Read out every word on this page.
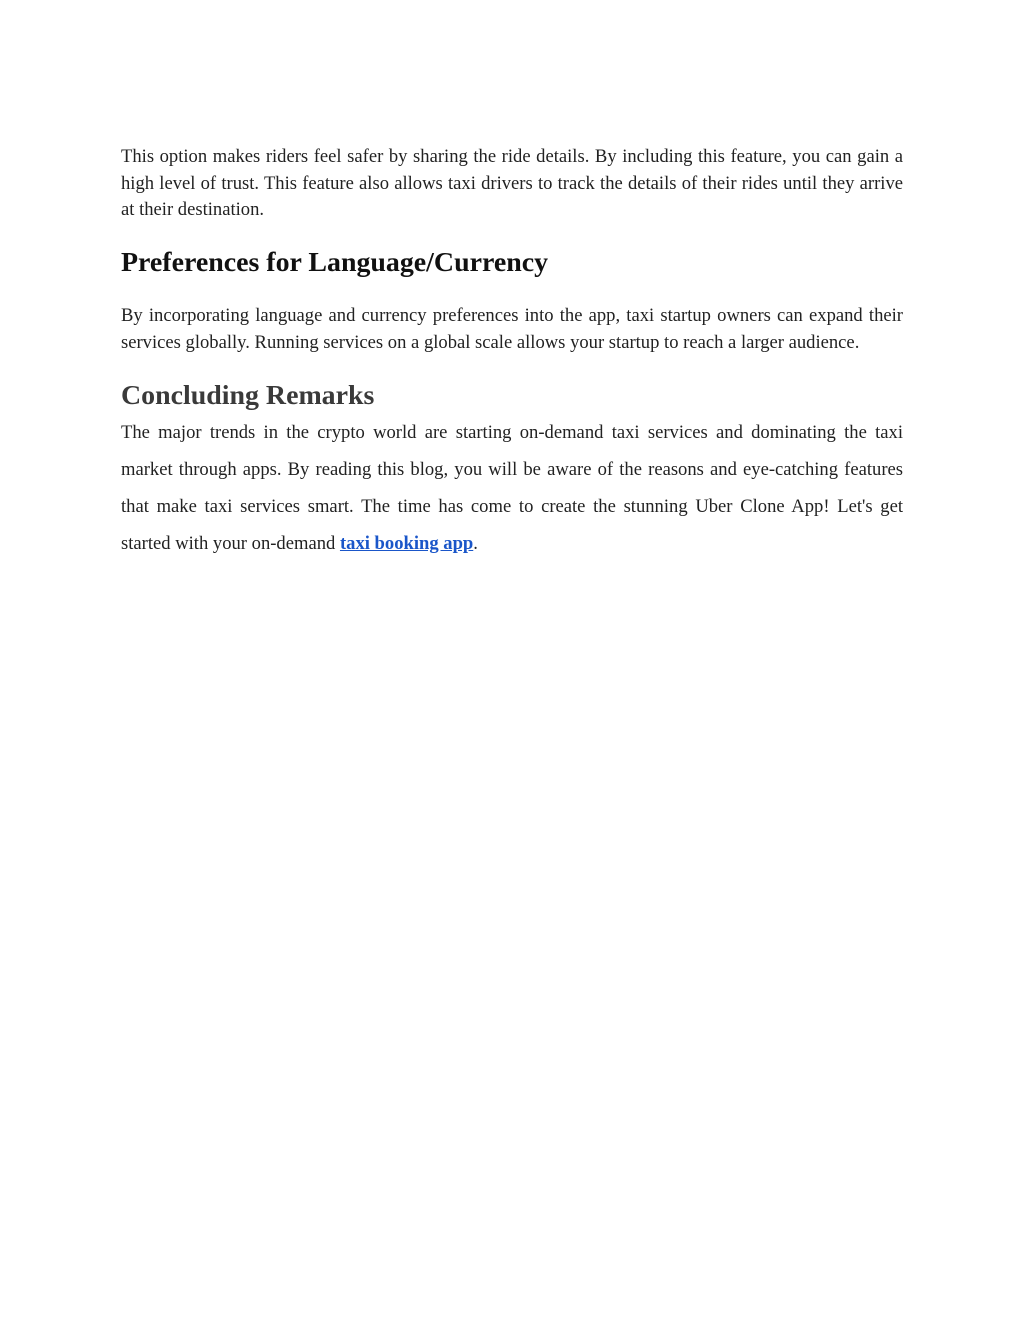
This option makes riders feel safer by sharing the ride details. By including this feature, you can gain a high level of trust. This feature also allows taxi drivers to track the details of their rides until they arrive at their destination.

Preferences for Language/Currency

By incorporating language and currency preferences into the app, taxi startup owners can expand their services globally. Running services on a global scale allows your startup to reach a larger audience.

Concluding Remarks

The major trends in the crypto world are starting on-demand taxi services and dominating the taxi market through apps. By reading this blog, you will be aware of the reasons and eye-catching features that make taxi services smart. The time has come to create the stunning Uber Clone App! Let's get started with your on-demand taxi booking app.
